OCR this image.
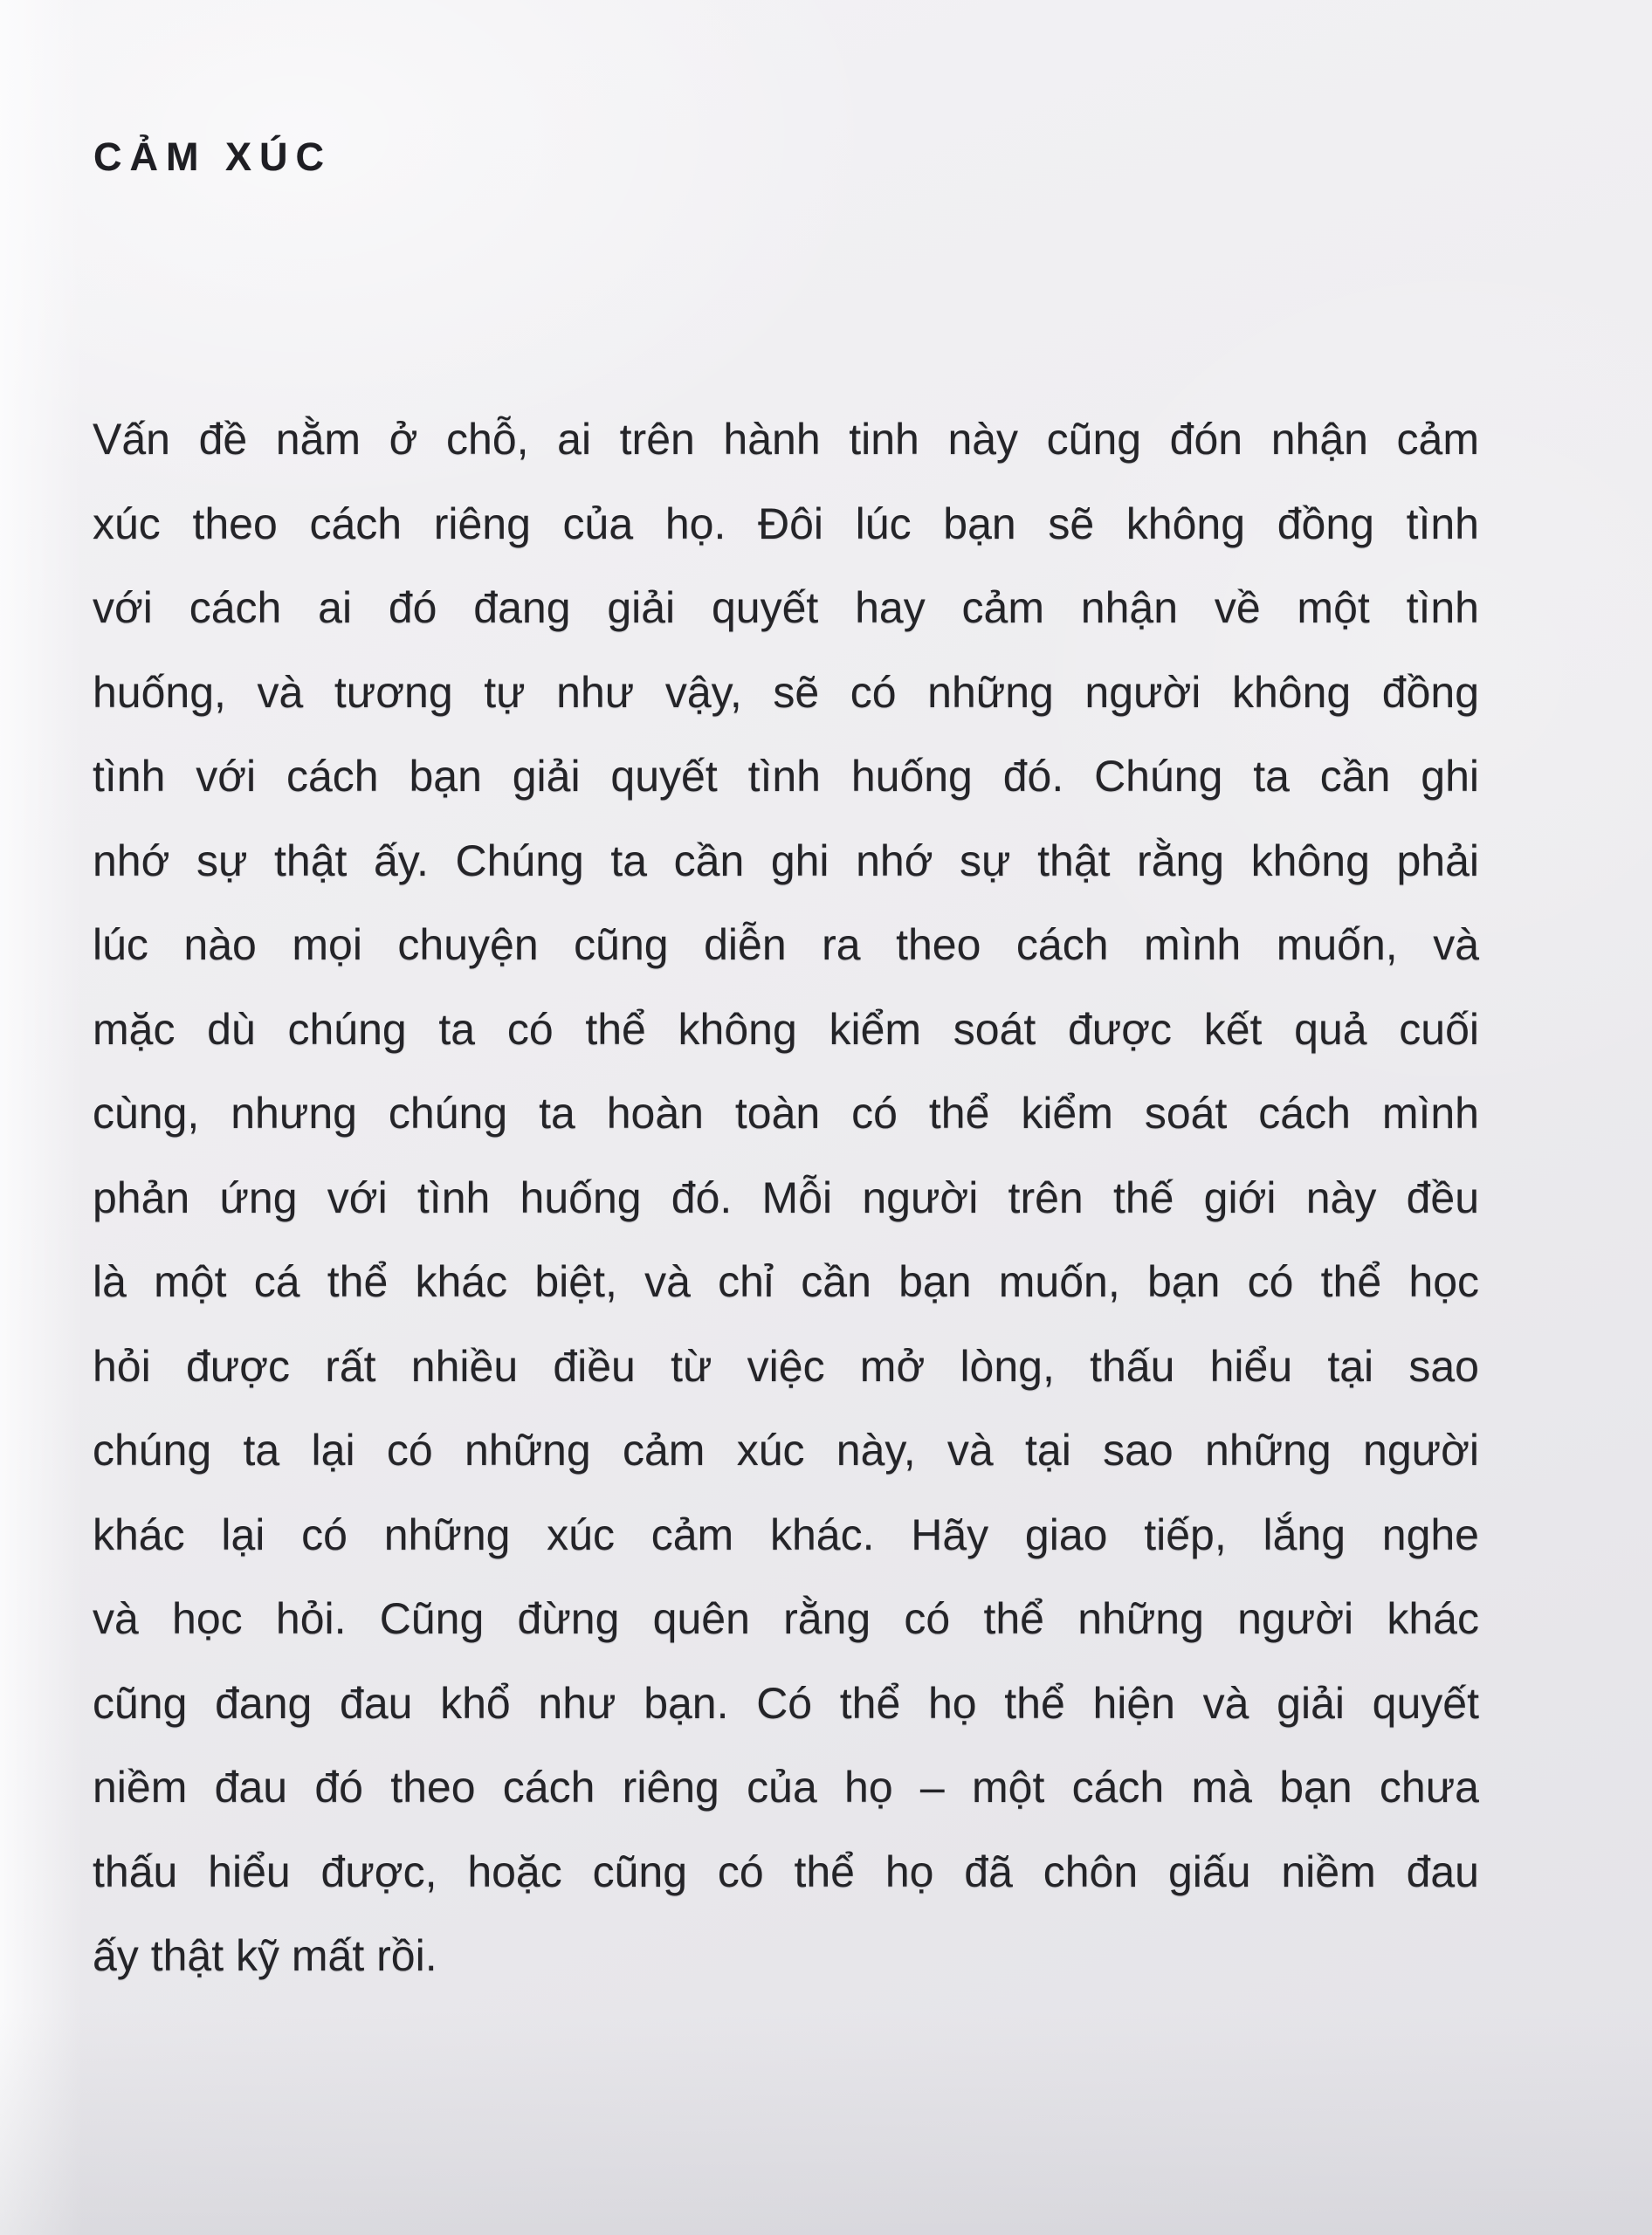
CẢM XÚC
Vấn đề nằm ở chỗ, ai trên hành tinh này cũng đón nhận cảm
xúc theo cách riêng của họ. Đôi lúc bạn sẽ không đồng tình
với cách ai đó đang giải quyết hay cảm nhận về một tình
huống, và tương tự như vậy, sẽ có những người không đồng
tình với cách bạn giải quyết tình huống đó. Chúng ta cần ghi
nhớ sự thật ấy. Chúng ta cần ghi nhớ sự thật rằng không phải
lúc nào mọi chuyện cũng diễn ra theo cách mình muốn, và
mặc dù chúng ta có thể không kiểm soát được kết quả cuối
cùng, nhưng chúng ta hoàn toàn có thể kiểm soát cách mình
phản ứng với tình huống đó. Mỗi người trên thế giới này đều
là một cá thể khác biệt, và chỉ cần bạn muốn, bạn có thể học
hỏi được rất nhiều điều từ việc mở lòng, thấu hiểu tại sao
chúng ta lại có những cảm xúc này, và tại sao những người
khác lại có những xúc cảm khác. Hãy giao tiếp, lắng nghe
và học hỏi. Cũng đừng quên rằng có thể những người khác
cũng đang đau khổ như bạn. Có thể họ thể hiện và giải quyết
niềm đau đó theo cách riêng của họ – một cách mà bạn chưa
thấu hiểu được, hoặc cũng có thể họ đã chôn giấu niềm đau
ấy thật kỹ mất rồi.
